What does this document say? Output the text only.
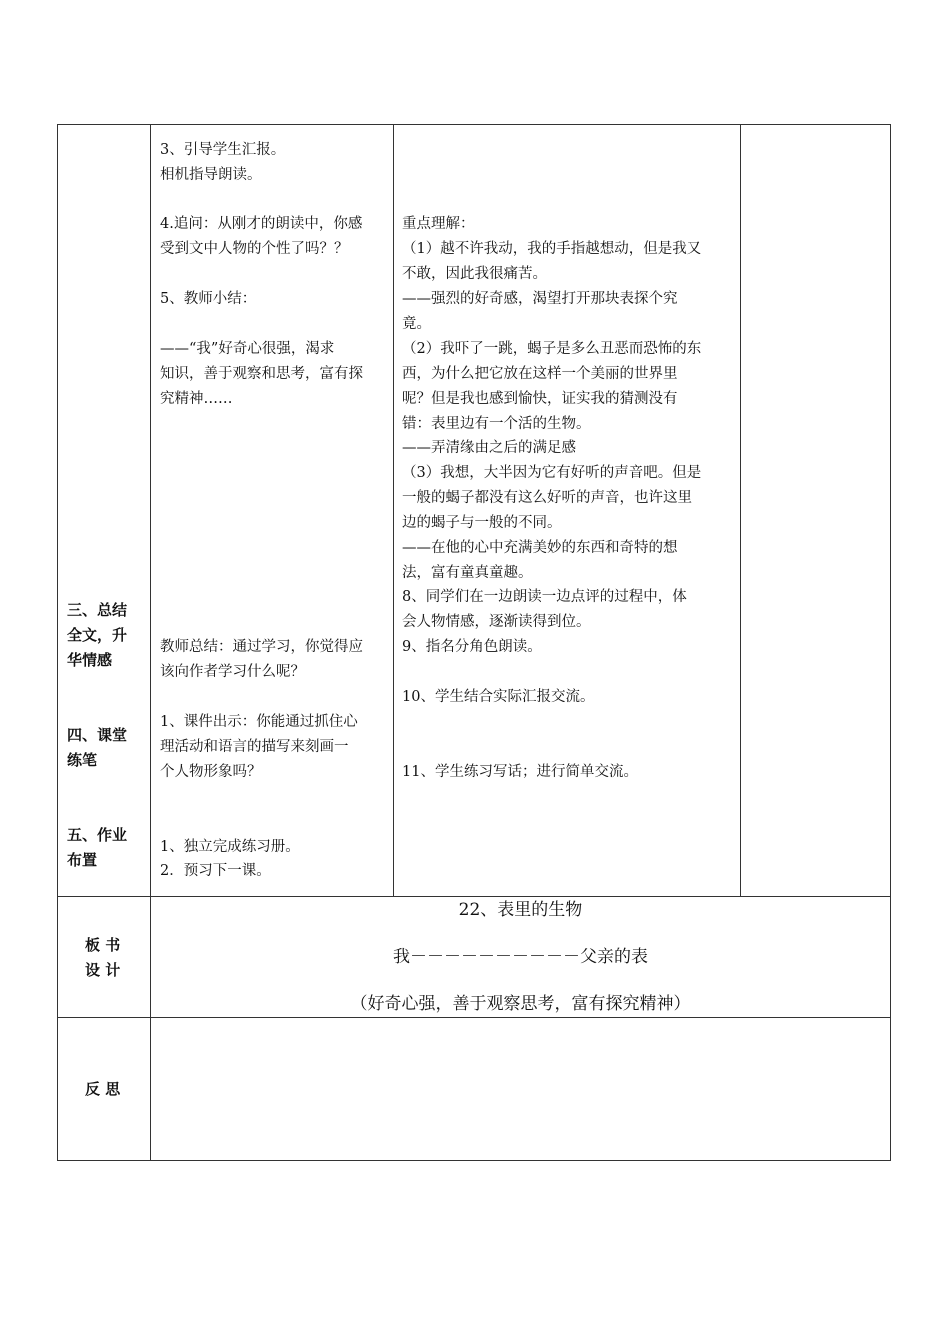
三、总结
全文，升
华情感
四、课堂
练笔
五、作业
布置
3、引导学生汇报。
相机指导朗读。
4.追问：从刚才的朗读中，你感
受到文中人物的个性了吗？？
5、教师小结：
——“我”好奇心很强，渴求
知识，善于观察和思考，富有探
究精神……
教师总结：通过学习，你觉得应
该向作者学习什么呢？
1、课件出示：你能通过抓住心
理活动和语言的描写来刻画一
个人物形象吗？
1、独立完成练习册。
2．预习下一课。
重点理解：
（1）越不许我动，我的手指越想动，但是我又
不敢，因此我很痛苦。
——强烈的好奇感，渴望打开那块表探个究
竟。
（2）我吓了一跳，蝎子是多么丑恶而恐怖的东
西，为什么把它放在这样一个美丽的世界里
呢？但是我也感到愉快，证实我的猜测没有
错：表里边有一个活的生物。
——弄清缘由之后的满足感
（3）我想，大半因为它有好听的声音吧。但是
一般的蝎子都没有这么好听的声音，也许这里
边的蝎子与一般的不同。
——在他的心中充满美妙的东西和奇特的想
法，富有童真童趣。
8、同学们在一边朗读一边点评的过程中，体
会人物情感，逐渐读得到位。
9、指名分角色朗读。
10、学生结合实际汇报交流。
11、学生练习写话；进行简单交流。
板 书
设 计
22、表里的生物
我－－－－－－－－－－父亲的表
（好奇心强，善于观察思考，富有探究精神）
反 思
